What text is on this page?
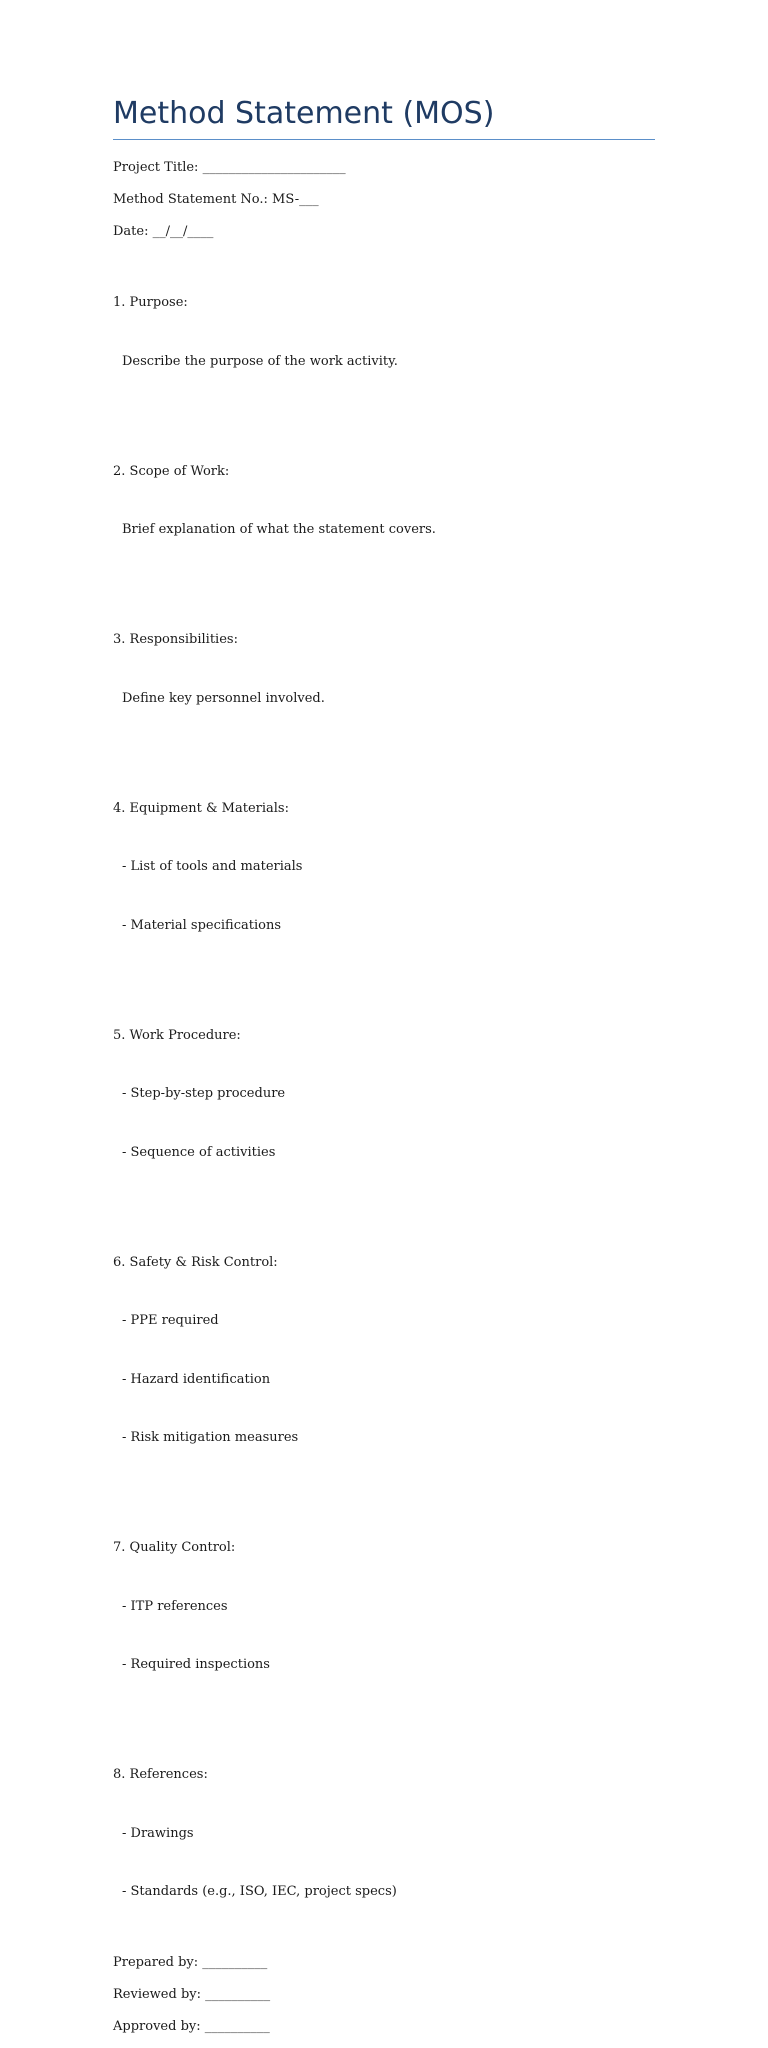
Method Statement (MOS)

Project Title: ______________________

Method Statement No.: MS-___

Date: __/__/____

1. Purpose:

Describe the purpose of the work activity.

2. Scope of Work:

Brief explanation of what the statement covers.

3. Responsibilities:

Define key personnel involved.

4. Equipment & Materials:

- List of tools and materials

- Material specifications

5. Work Procedure:

- Step-by-step procedure

- Sequence of activities

6. Safety & Risk Control:

- PPE required

- Hazard identification

- Risk mitigation measures

7. Quality Control:

- ITP references

- Required inspections

8. References:

- Drawings

- Standards (e.g., ISO, IEC, project specs)

Prepared by: __________

Reviewed by: __________

Approved by: __________
